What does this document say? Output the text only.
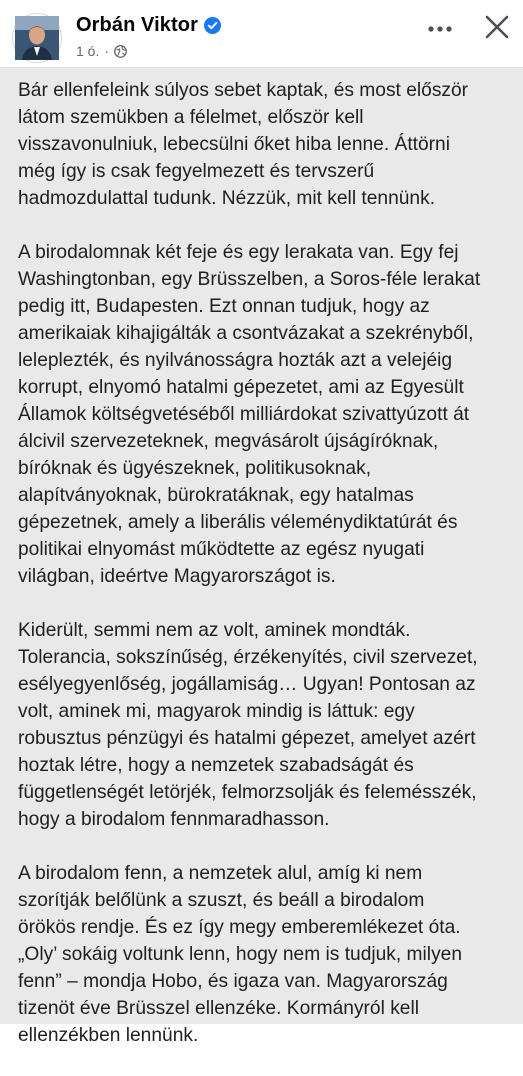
Orbán Viktor
1 ó. ·

Bár ellenfeleink súlyos sebet kaptak, és most először
látom szemükben a félelmet, először kell
visszavonulniuk, lebecsülni őket hiba lenne. Áttörni
még így is csak fegyelmezett és tervszerű
hadmozdulattal tudunk. Nézzük, mit kell tennünk.

A birodalomnak két feje és egy lerakata van. Egy fej
Washingtonban, egy Brüsszelben, a Soros-féle lerakat
pedig itt, Budapesten. Ezt onnan tudjuk, hogy az
amerikaiak kihajigálták a csontvázakat a szekrényből,
leleplezték, és nyilvánosságra hozták azt a velejéig
korrupt, elnyomó hatalmi gépezetet, ami az Egyesült
Államok költségvetéséből milliárdokat szivattyúzott át
álcivil szervezeteknek, megvásárolt újságíróknak,
bíróknak és ügyészeknek, politikusoknak,
alapítványoknak, bürokratáknak, egy hatalmas
gépezetnek, amely a liberális véleménydiktatúrát és
politikai elnyomást működtette az egész nyugati
világban, ideértve Magyarországot is.

Kiderült, semmi nem az volt, aminek mondták.
Tolerancia, sokszínűség, érzékenyítés, civil szervezet,
esélyegyenlőség, jogállamiság… Ugyan! Pontosan az
volt, aminek mi, magyarok mindig is láttuk: egy
robusztus pénzügyi és hatalmi gépezet, amelyet azért
hoztak létre, hogy a nemzetek szabadságát és
függetlenségét letörjék, felmorzsolják és felemésszék,
hogy a birodalom fennmaradhasson.

A birodalom fenn, a nemzetek alul, amíg ki nem
szorítják belőlünk a szuszt, és beáll a birodalom
örökös rendje. És ez így megy emberemlékezet óta.
„Oly’ sokáig voltunk lenn, hogy nem is tudjuk, milyen
fenn” – mondja Hobo, és igaza van. Magyarország
tizenöt éve Brüsszel ellenzéke. Kormányról kell
ellenzékben lennünk.
